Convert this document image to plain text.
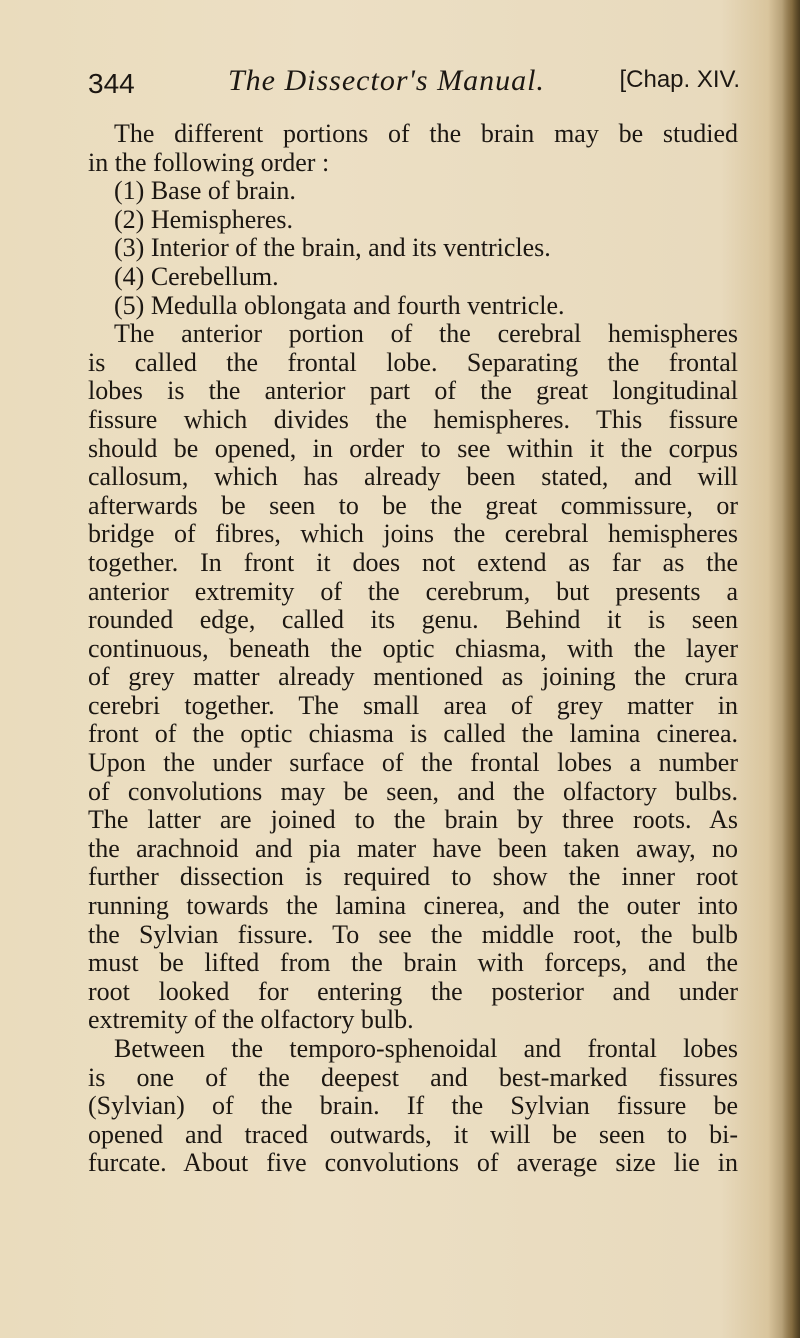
344	The Dissector's Manual.	[Chap. XIV.
The different portions of the brain may be studied
in the following order :
(1) Base of brain.
(2) Hemispheres.
(3) Interior of the brain, and its ventricles.
(4) Cerebellum.
(5) Medulla oblongata and fourth ventricle.
The anterior portion of the cerebral hemispheres
is called the frontal lobe. Separating the frontal
lobes is the anterior part of the great longitudinal
fissure which divides the hemispheres. This fissure
should be opened, in order to see within it the corpus
callosum, which has already been stated, and will
afterwards be seen to be the great commissure, or
bridge of fibres, which joins the cerebral hemispheres
together. In front it does not extend as far as the
anterior extremity of the cerebrum, but presents a
rounded edge, called its genu. Behind it is seen
continuous, beneath the optic chiasma, with the layer
of grey matter already mentioned as joining the crura
cerebri together. The small area of grey matter in
front of the optic chiasma is called the lamina cinerea.
Upon the under surface of the frontal lobes a number
of convolutions may be seen, and the olfactory bulbs.
The latter are joined to the brain by three roots. As
the arachnoid and pia mater have been taken away, no
further dissection is required to show the inner root
running towards the lamina cinerea, and the outer into
the Sylvian fissure. To see the middle root, the bulb
must be lifted from the brain with forceps, and the
root looked for entering the posterior and under
extremity of the olfactory bulb.
Between the temporo-sphenoidal and frontal lobes
is one of the deepest and best-marked fissures
(Sylvian) of the brain. If the Sylvian fissure be
opened and traced outwards, it will be seen to bi-
furcate. About five convolutions of average size lie in
